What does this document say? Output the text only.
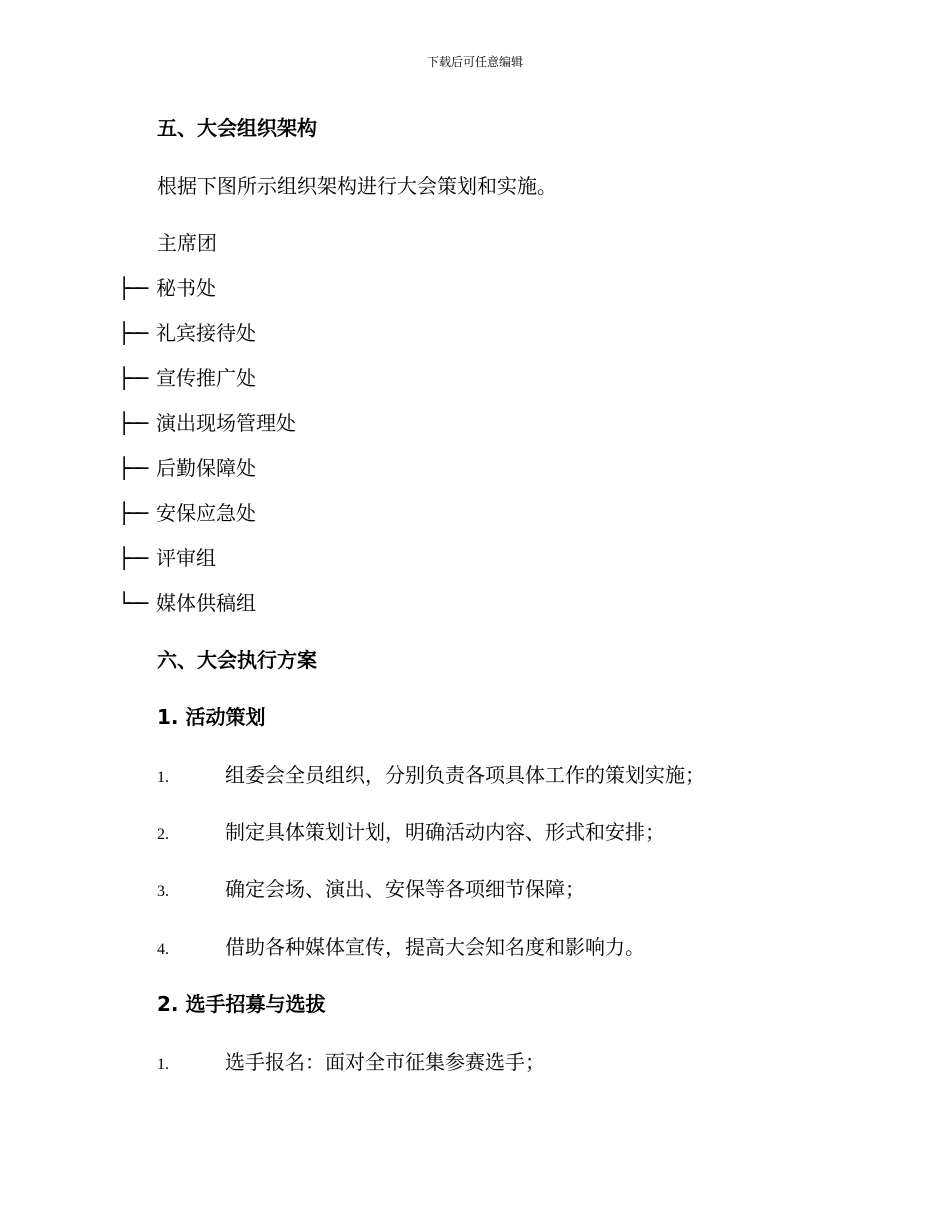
下载后可任意编辑
五、大会组织架构
根据下图所示组织架构进行大会策划和实施。
主席团
├── 秘书处
├── 礼宾接待处
├── 宣传推广处
├── 演出现场管理处
├── 后勤保障处
├── 安保应急处
├── 评审组
└── 媒体供稿组
六、大会执行方案
1. 活动策划
1.	组委会全员组织，分别负责各项具体工作的策划实施；
2.	制定具体策划计划，明确活动内容、形式和安排；
3.	确定会场、演出、安保等各项细节保障；
4.	借助各种媒体宣传，提高大会知名度和影响力。
2. 选手招募与选拔
1.	选手报名：面对全市征集参赛选手；
